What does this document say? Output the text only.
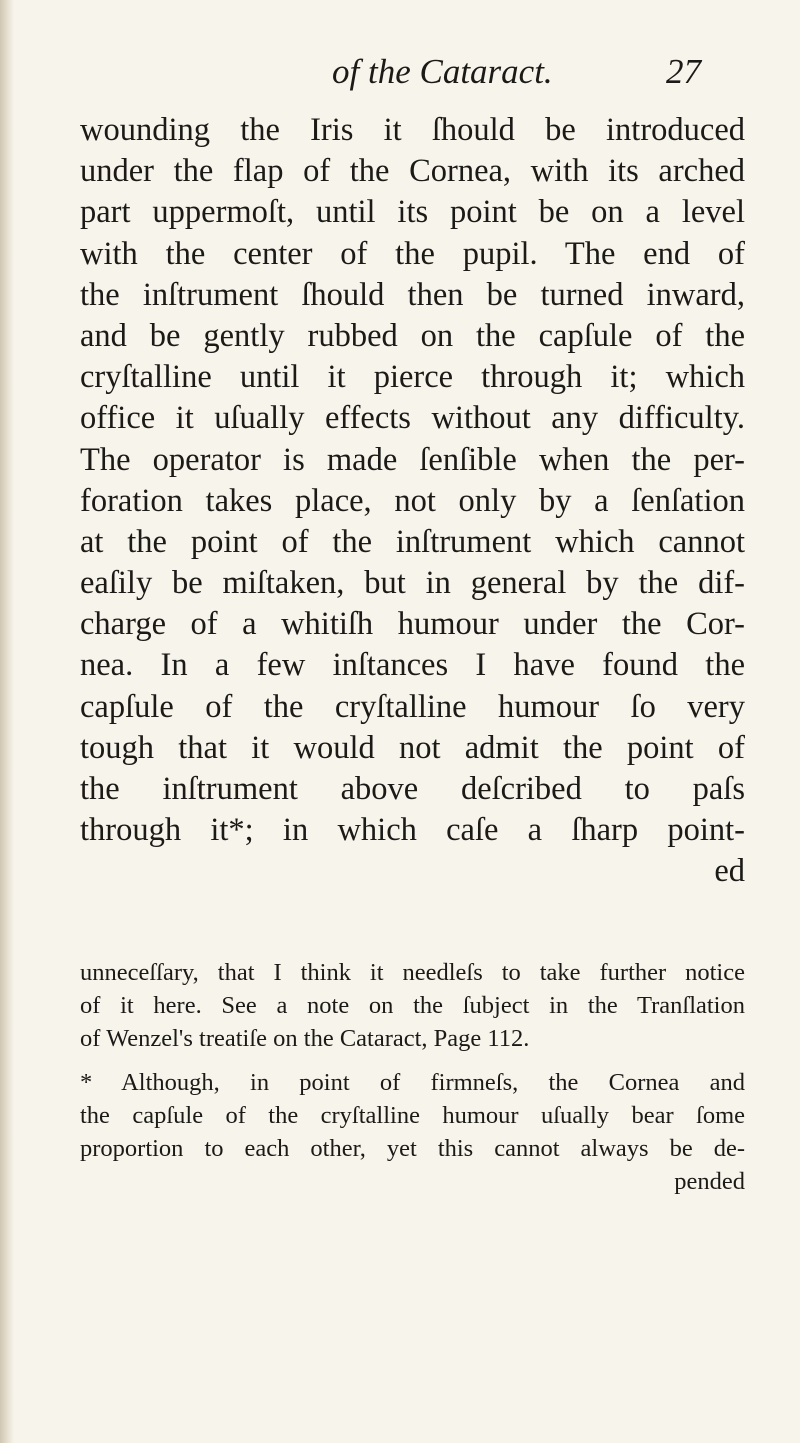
of the Cataract.	27
wounding the Iris it ſhould be introduced
under the flap of the Cornea, with its arched
part uppermoſt, until its point be on a level
with the center of the pupil. The end of
the inſtrument ſhould then be turned inward,
and be gently rubbed on the capſule of the
cryſtalline until it pierce through it; which
office it uſually effects without any difficulty.
The operator is made ſenſible when the per-
foration takes place, not only by a ſenſation
at the point of the inſtrument which cannot
eaſily be miſtaken, but in general by the dif-
charge of a whitiſh humour under the Cor-
nea. In a few inſtances I have found the
capſule of the cryſtalline humour ſo very
tough that it would not admit the point of
the inſtrument above deſcribed to paſs
through it*; in which caſe a ſharp point-
ed
unneceſſary, that I think it needleſs to take further notice
of it here. See a note on the ſubject in the Tranſlation
of Wenzel's treatiſe on the Cataract, Page 112.
* Although, in point of firmneſs, the Cornea and
the capſule of the cryſtalline humour uſually bear ſome
proportion to each other, yet this cannot always be de-
pended
